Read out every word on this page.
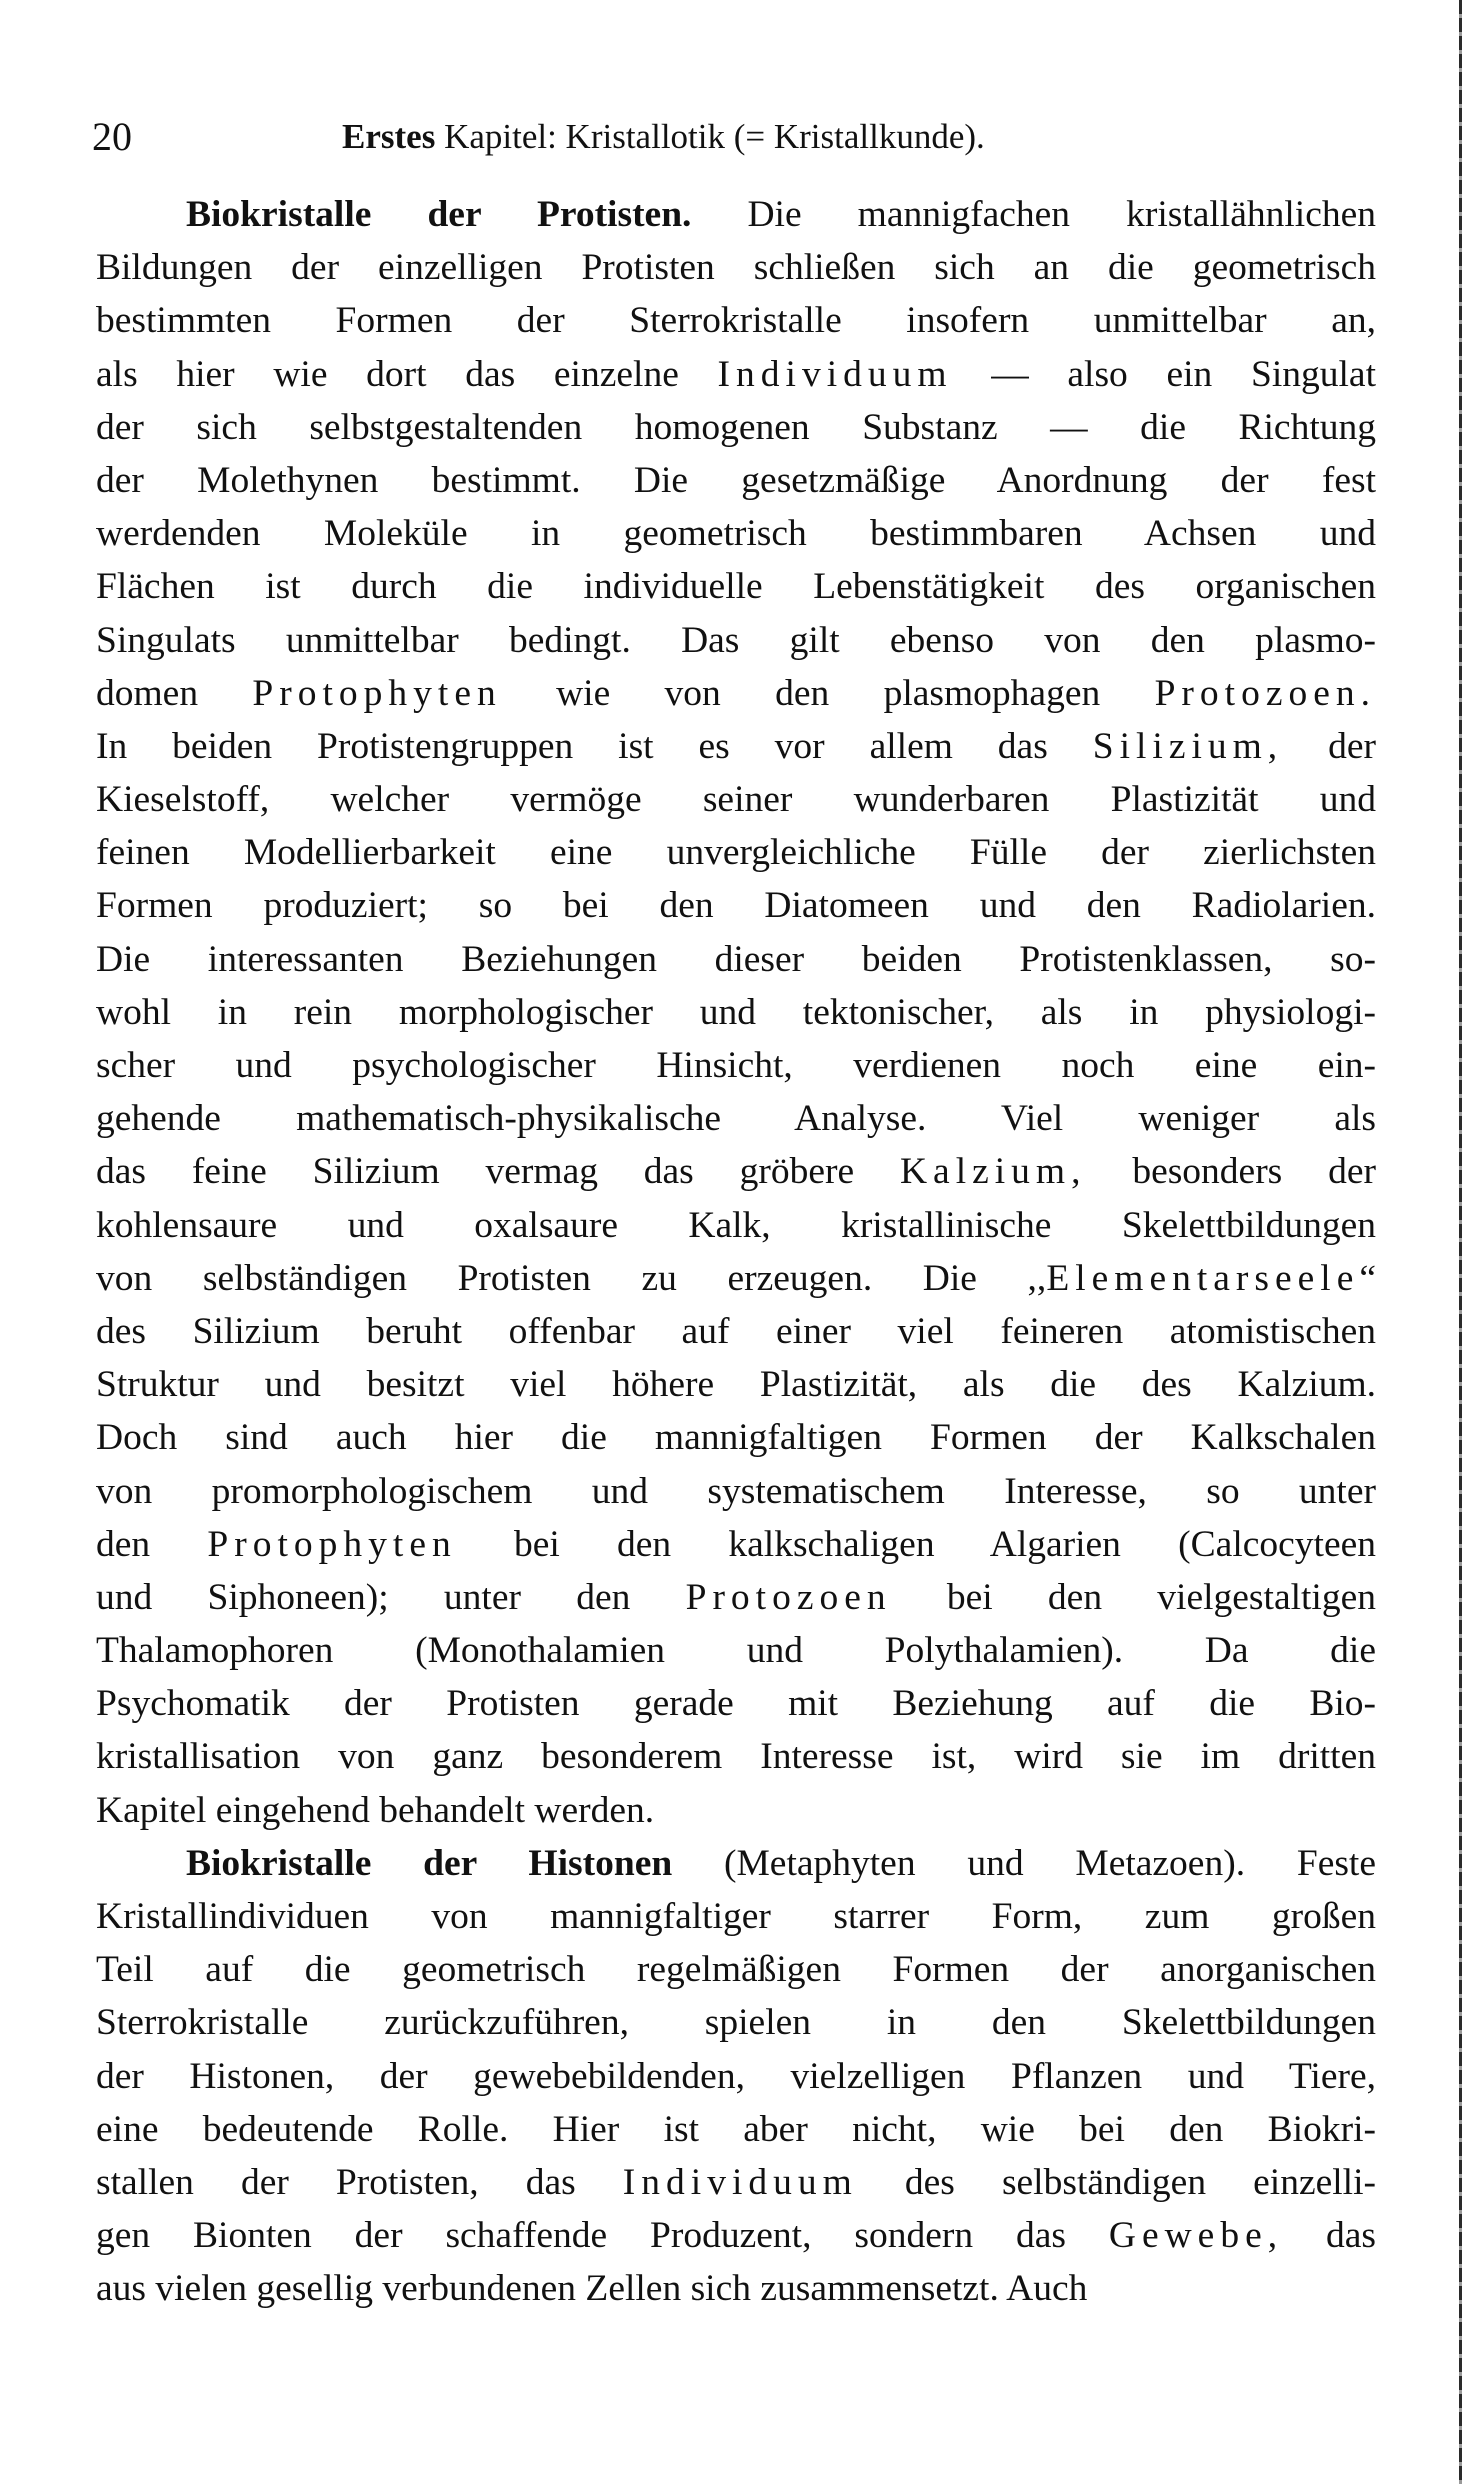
20	Erstes Kapitel: Kristallotik (= Kristallkunde).
Biokristalle der Protisten. Die mannigfachen kristallähnlichen
Bildungen der einzelligen Protisten schließen sich an die geometrisch
bestimmten Formen der Sterrokristalle insofern unmittelbar an,
als hier wie dort das einzelne Individuum — also ein Singulat
der sich selbstgestaltenden homogenen Substanz — die Richtung
der Molethynen bestimmt. Die gesetzmäßige Anordnung der fest
werdenden Moleküle in geometrisch bestimmbaren Achsen und
Flächen ist durch die individuelle Lebenstätigkeit des organischen
Singulats unmittelbar bedingt. Das gilt ebenso von den plasmo-
domen Protophyten wie von den plasmophagen Protozoen.
In beiden Protistengruppen ist es vor allem das Silizium, der
Kieselstoff, welcher vermöge seiner wunderbaren Plastizität und
feinen Modellierbarkeit eine unvergleichliche Fülle der zierlichsten
Formen produziert; so bei den Diatomeen und den Radiolarien.
Die interessanten Beziehungen dieser beiden Protistenklassen, so-
wohl in rein morphologischer und tektonischer, als in physiologi-
scher und psychologischer Hinsicht, verdienen noch eine ein-
gehende mathematisch-physikalische Analyse. Viel weniger als
das feine Silizium vermag das gröbere Kalzium, besonders der
kohlensaure und oxalsaure Kalk, kristallinische Skelettbildungen
von selbständigen Protisten zu erzeugen. Die ,,Elementarseele“
des Silizium beruht offenbar auf einer viel feineren atomistischen
Struktur und besitzt viel höhere Plastizität, als die des Kalzium.
Doch sind auch hier die mannigfaltigen Formen der Kalkschalen
von promorphologischem und systematischem Interesse, so unter
den Protophyten bei den kalkschaligen Algarien (Calcocyteen
und Siphoneen); unter den Protozoen bei den vielgestaltigen
Thalamophoren (Monothalamien und Polythalamien). Da die
Psychomatik der Protisten gerade mit Beziehung auf die Bio-
kristallisation von ganz besonderem Interesse ist, wird sie im dritten
Kapitel eingehend behandelt werden.
Biokristalle der Histonen (Metaphyten und Metazoen). Feste
Kristallindividuen von mannigfaltiger starrer Form, zum großen
Teil auf die geometrisch regelmäßigen Formen der anorganischen
Sterrokristalle zurückzuführen, spielen in den Skelettbildungen
der Histonen, der gewebebildenden, vielzelligen Pflanzen und Tiere,
eine bedeutende Rolle. Hier ist aber nicht, wie bei den Biokri-
stallen der Protisten, das Individuum des selbständigen einzelli-
gen Bionten der schaffende Produzent, sondern das Gewebe, das
aus vielen gesellig verbundenen Zellen sich zusammensetzt. Auch
